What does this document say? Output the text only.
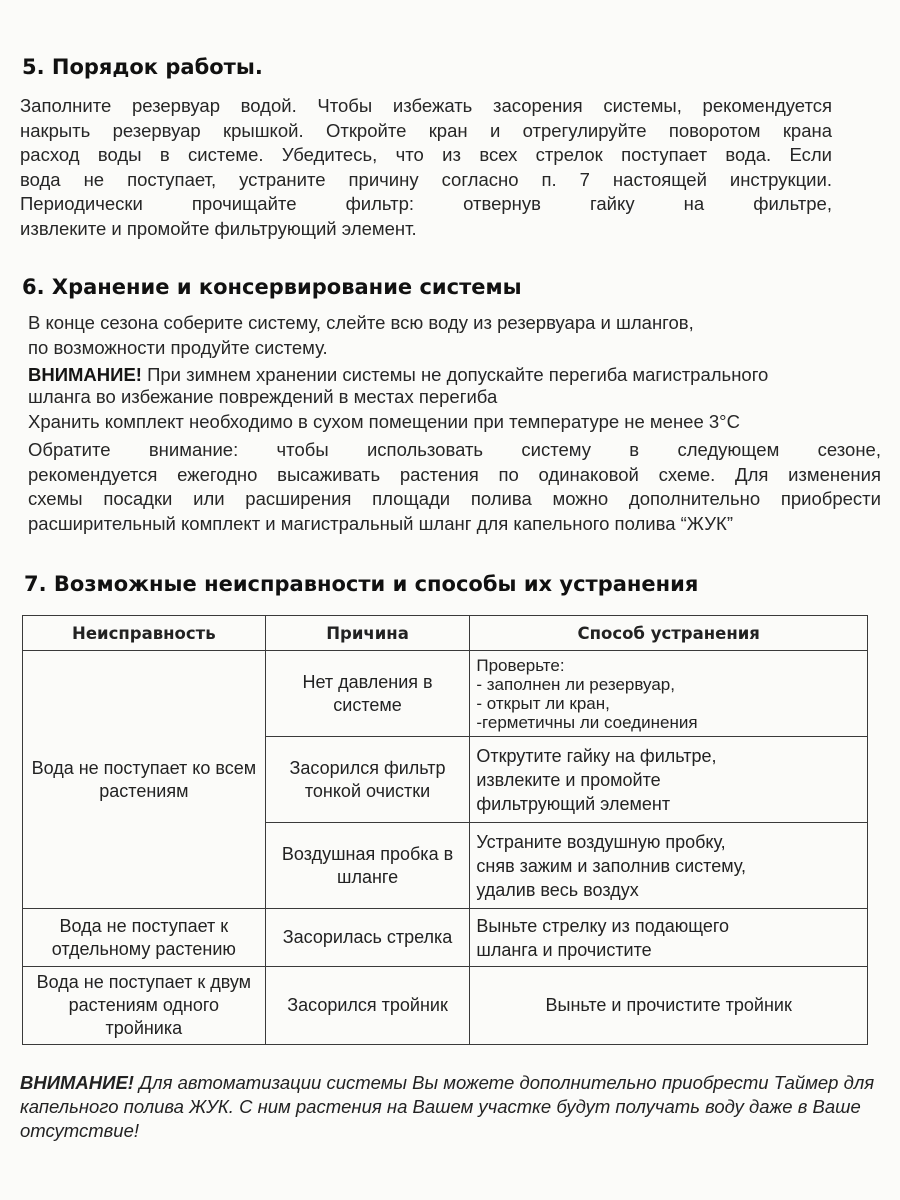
5. Порядок работы.
Заполните резервуар водой. Чтобы избежать засорения системы, рекомендуется
накрыть резервуар крышкой. Откройте кран и отрегулируйте поворотом крана
расход воды в системе. Убедитесь, что из всех стрелок поступает вода. Если
вода не поступает, устраните причину согласно п. 7 настоящей инструкции.
Периодически прочищайте фильтр: отвернув гайку на фильтре,
извлеките и промойте фильтрующий элемент.
6. Хранение и консервирование системы
В конце сезона соберите систему, слейте всю воду из резервуара и шлангов,
по возможности продуйте систему.
ВНИМАНИЕ! При зимнем хранении системы не допускайте перегиба магистрального
шланга во избежание повреждений в местах перегиба
Хранить комплект необходимо в сухом помещении при температуре не менее 3°C
Обратите внимание: чтобы использовать систему в следующем сезоне,
рекомендуется ежегодно высаживать растения по одинаковой схеме. Для изменения
схемы посадки или расширения площади полива можно дополнительно приобрести
расширительный комплект и магистральный шланг для капельного полива “ЖУК”
7. Возможные неисправности и способы их устранения
Неисправность	Причина	Способ устранения
Вода не поступает ко всем растениям	Нет давления в системе	Проверьте:
- заполнен ли резервуар,
- открыт ли кран,
-герметичны ли соединения

	Засорился фильтр тонкой очистки	Открутите гайку на фильтре,
извлеките и промойте
фильтрующий элемент

	Воздушная пробка в шланге	Устраните воздушную пробку,
сняв зажим и заполнив систему,
удалив весь воздух

Вода не поступает к отдельному растению	Засорилась стрелка	Выньте стрелку из подающего
шланга и прочистите

Вода не поступает к двум растениям одного тройника	Засорился тройник	Выньте и прочистите тройник

ВНИМАНИЕ! Для автоматизации системы Вы можете дополнительно приобрести Таймер для капельного полива ЖУК. С ним растения на Вашем участке будут получать воду даже в Ваше отсутствие!
